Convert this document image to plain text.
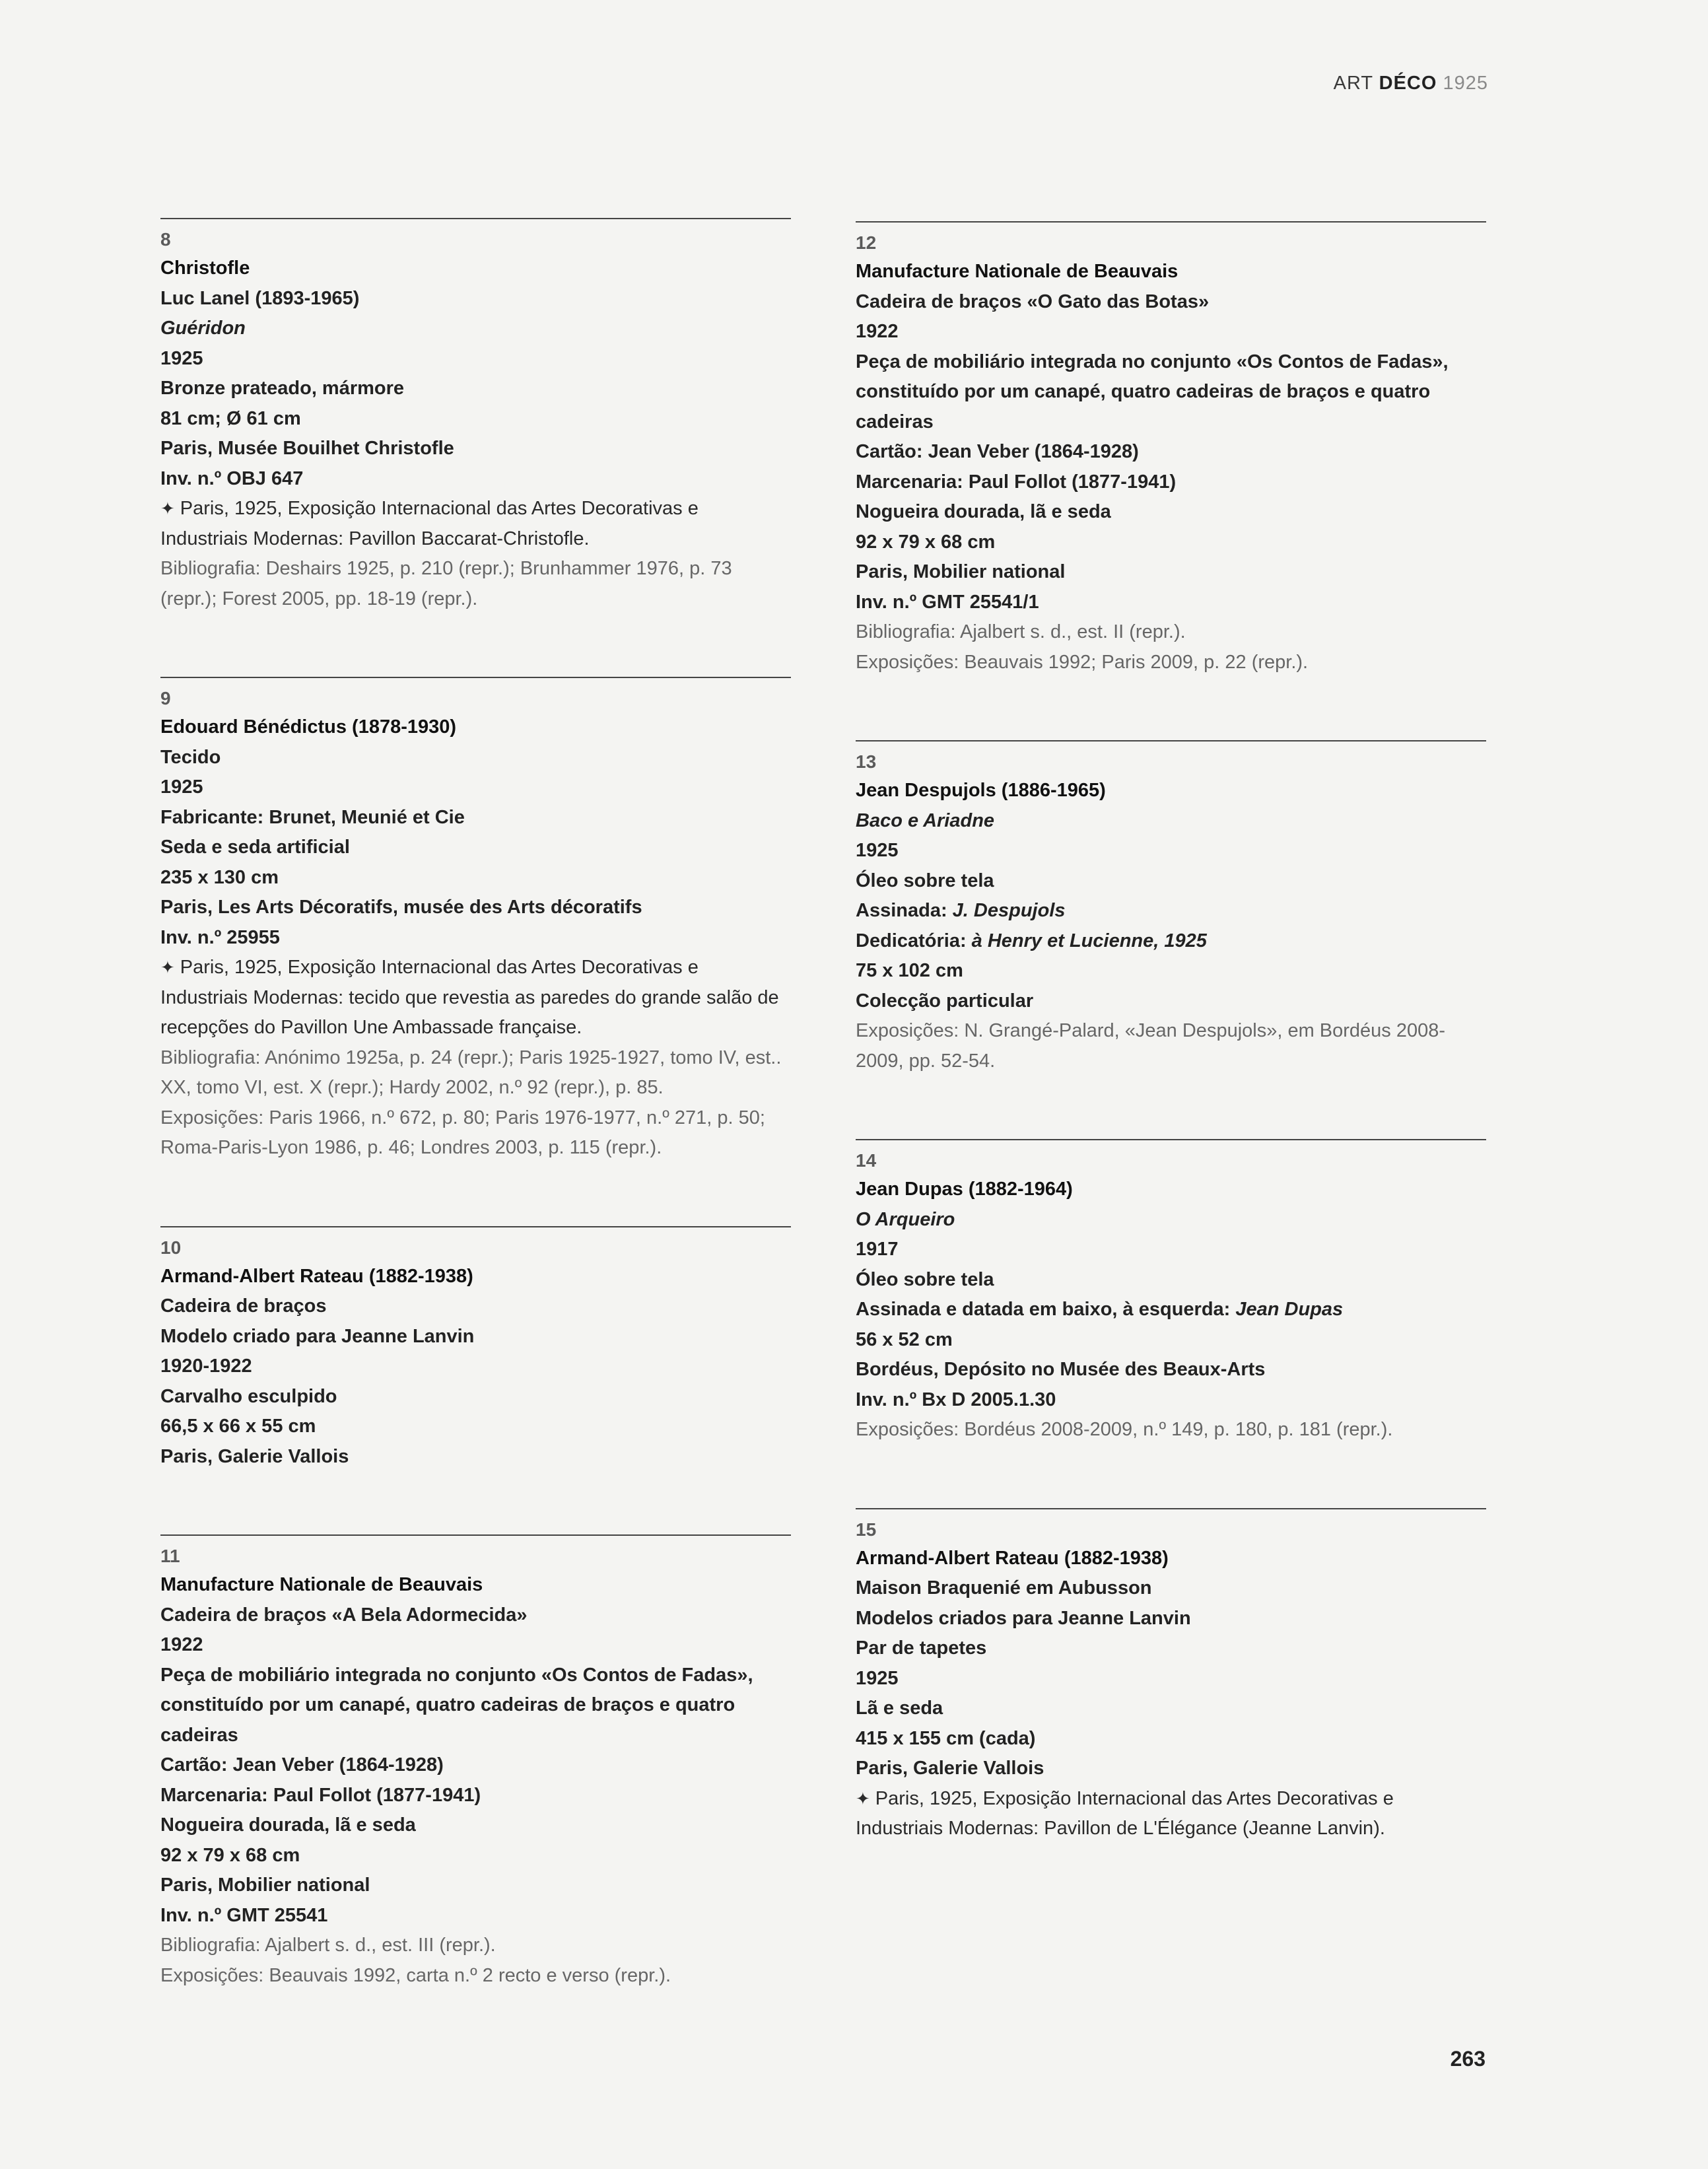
ART DÉCO 1925
8
Christofle
Luc Lanel (1893-1965)
Guéridon
1925
Bronze prateado, mármore
81 cm; Ø 61 cm
Paris, Musée Bouilhet Christofle
Inv. n.º OBJ 647
✦ Paris, 1925, Exposição Internacional das Artes Decorativas e Industriais Modernas: Pavillon Baccarat-Christofle.
Bibliografia: Deshairs 1925, p. 210 (repr.); Brunhammer 1976, p. 73 (repr.); Forest 2005, pp. 18-19 (repr.).
9
Edouard Bénédictus (1878-1930)
Tecido
1925
Fabricante: Brunet, Meunié et Cie
Seda e seda artificial
235 x 130 cm
Paris, Les Arts Décoratifs, musée des Arts décoratifs
Inv. n.º 25955
✦ Paris, 1925, Exposição Internacional das Artes Decorativas e Industriais Modernas: tecido que revestia as paredes do grande salão de recepções do Pavillon Une Ambassade française.
Bibliografia: Anónimo 1925a, p. 24 (repr.); Paris 1925-1927, tomo IV, est.. XX, tomo VI, est. X (repr.); Hardy 2002, n.º 92 (repr.), p. 85.
Exposições: Paris 1966, n.º 672, p. 80; Paris 1976-1977, n.º 271, p. 50; Roma-Paris-Lyon 1986, p. 46; Londres 2003, p. 115 (repr.).
10
Armand-Albert Rateau (1882-1938)
Cadeira de braços
Modelo criado para Jeanne Lanvin
1920-1922
Carvalho esculpido
66,5 x 66 x 55 cm
Paris, Galerie Vallois
11
Manufacture Nationale de Beauvais
Cadeira de braços «A Bela Adormecida»
1922
Peça de mobiliário integrada no conjunto «Os Contos de Fadas»,
constituído por um canapé, quatro cadeiras de braços e quatro
cadeiras
Cartão: Jean Veber (1864-1928)
Marcenaria: Paul Follot (1877-1941)
Nogueira dourada, lã e seda
92 x 79 x 68 cm
Paris, Mobilier national
Inv. n.º GMT 25541
Bibliografia: Ajalbert s. d., est. III (repr.).
Exposições: Beauvais 1992, carta n.º 2 recto e verso (repr.).
12
Manufacture Nationale de Beauvais
Cadeira de braços «O Gato das Botas»
1922
Peça de mobiliário integrada no conjunto «Os Contos de Fadas»,
constituído por um canapé, quatro cadeiras de braços e quatro
cadeiras
Cartão: Jean Veber (1864-1928)
Marcenaria: Paul Follot (1877-1941)
Nogueira dourada, lã e seda
92 x 79 x 68 cm
Paris, Mobilier national
Inv. n.º GMT 25541/1
Bibliografia: Ajalbert s. d., est. II (repr.).
Exposições: Beauvais 1992; Paris 2009, p. 22 (repr.).
13
Jean Despujols (1886-1965)
Baco e Ariadne
1925
Óleo sobre tela
Assinada: J. Despujols
Dedicatória: à Henry et Lucienne, 1925
75 x 102 cm
Colecção particular
Exposições: N. Grangé-Palard, «Jean Despujols», em Bordéus 2008-2009, pp. 52-54.
14
Jean Dupas (1882-1964)
O Arqueiro
1917
Óleo sobre tela
Assinada e datada em baixo, à esquerda: Jean Dupas
56 x 52 cm
Bordéus, Depósito no Musée des Beaux-Arts
Inv. n.º Bx D 2005.1.30
Exposições: Bordéus 2008-2009, n.º 149, p. 180, p. 181 (repr.).
15
Armand-Albert Rateau (1882-1938)
Maison Braquenié em Aubusson
Modelos criados para Jeanne Lanvin
Par de tapetes
1925
Lã e seda
415 x 155 cm (cada)
Paris, Galerie Vallois
✦ Paris, 1925, Exposição Internacional das Artes Decorativas e Industriais Modernas: Pavillon de L'Élégance (Jeanne Lanvin).
263
